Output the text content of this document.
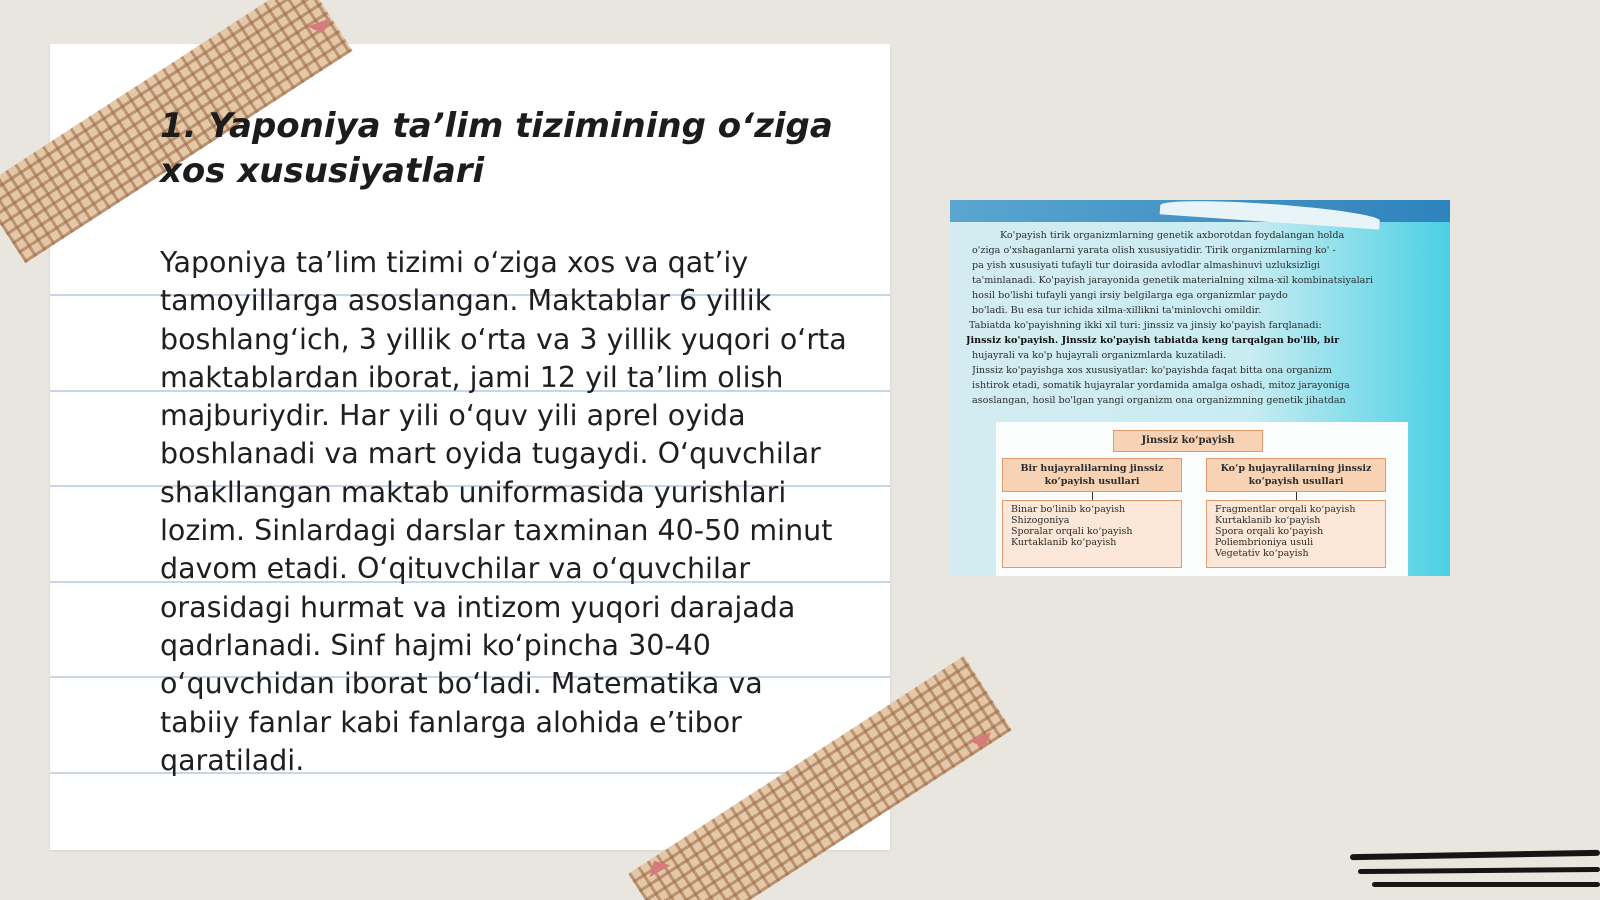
1. Yaponiya ta’lim tizimining o‘ziga xos xususiyatlari
Yaponiya ta’lim tizimi o‘ziga xos va qat’iy tamoyillarga asoslangan. Maktablar 6 yillik boshlang‘ich, 3 yillik o‘rta va 3 yillik yuqori o‘rta maktablardan iborat, jami 12 yil ta’lim olish majburiydir. Har yili o‘quv yili aprel oyida boshlanadi va mart oyida tugaydi. O‘quvchilar shakllangan maktab uniformasida yurishlari lozim. Sinlardagi darslar taxminan 40-50 minut davom etadi. O‘qituvchilar va o‘quvchilar orasidagi hurmat va intizom yuqori darajada qadrlanadi. Sinf hajmi ko‘pincha 30-40 o‘quvchidan iborat bo‘ladi. Matematika va tabiiy fanlar kabi fanlarga alohida e’tibor qaratiladi.
Ko'payish tirik organizmlarning genetik axborotdan foydalangan holda
o'ziga o'xshaganlarni yarata olish xususiyatidir. Tirik organizmlarning ko' -
pa yish xususiyati tufayli tur doirasida avlodlar almashinuvi uzluksizligi
ta'minlanadi. Ko'payish jarayonida genetik materialning xilma-xil kombinatsiyalari
hosil bo'lishi tufayli yangi irsiy belgilarga ega organizmlar paydo
bo'ladi. Bu esa tur ichida xilma-xillikni ta'minlovchi omildir.
Tabiatda ko'payishning ikki xil turi: jinssiz va jinsiy ko'payish farqlanadi:
Jinssiz ko'payish. Jinssiz ko'payish tabiatda keng tarqalgan bo'lib, bir
hujayrali va ko'p hujayrali organizmlarda kuzatiladi.
Jinssiz ko'payishga xos xususiyatlar: ko'payishda faqat bitta ona organizm
ishtirok etadi, somatik hujayralar yordamida amalga oshadi, mitoz jarayoniga
asoslangan, hosil bo'lgan yangi organizm ona organizmning genetik jihatdan
Jinssiz ko‘payish
Bir hujayralilarning jinssiz ko‘payish usullari
Ko‘p hujayralilarning jinssiz ko‘payish usullari
Binar bo‘linib ko‘payish
Shizogoniya
Sporalar orqali ko‘payish
Kurtaklanib ko‘payish
Fragmentlar orqali ko‘payish
Kurtaklanib ko‘payish
Spora orqali ko‘payish
Poliembrioniya usuli
Vegetativ ko‘payish
